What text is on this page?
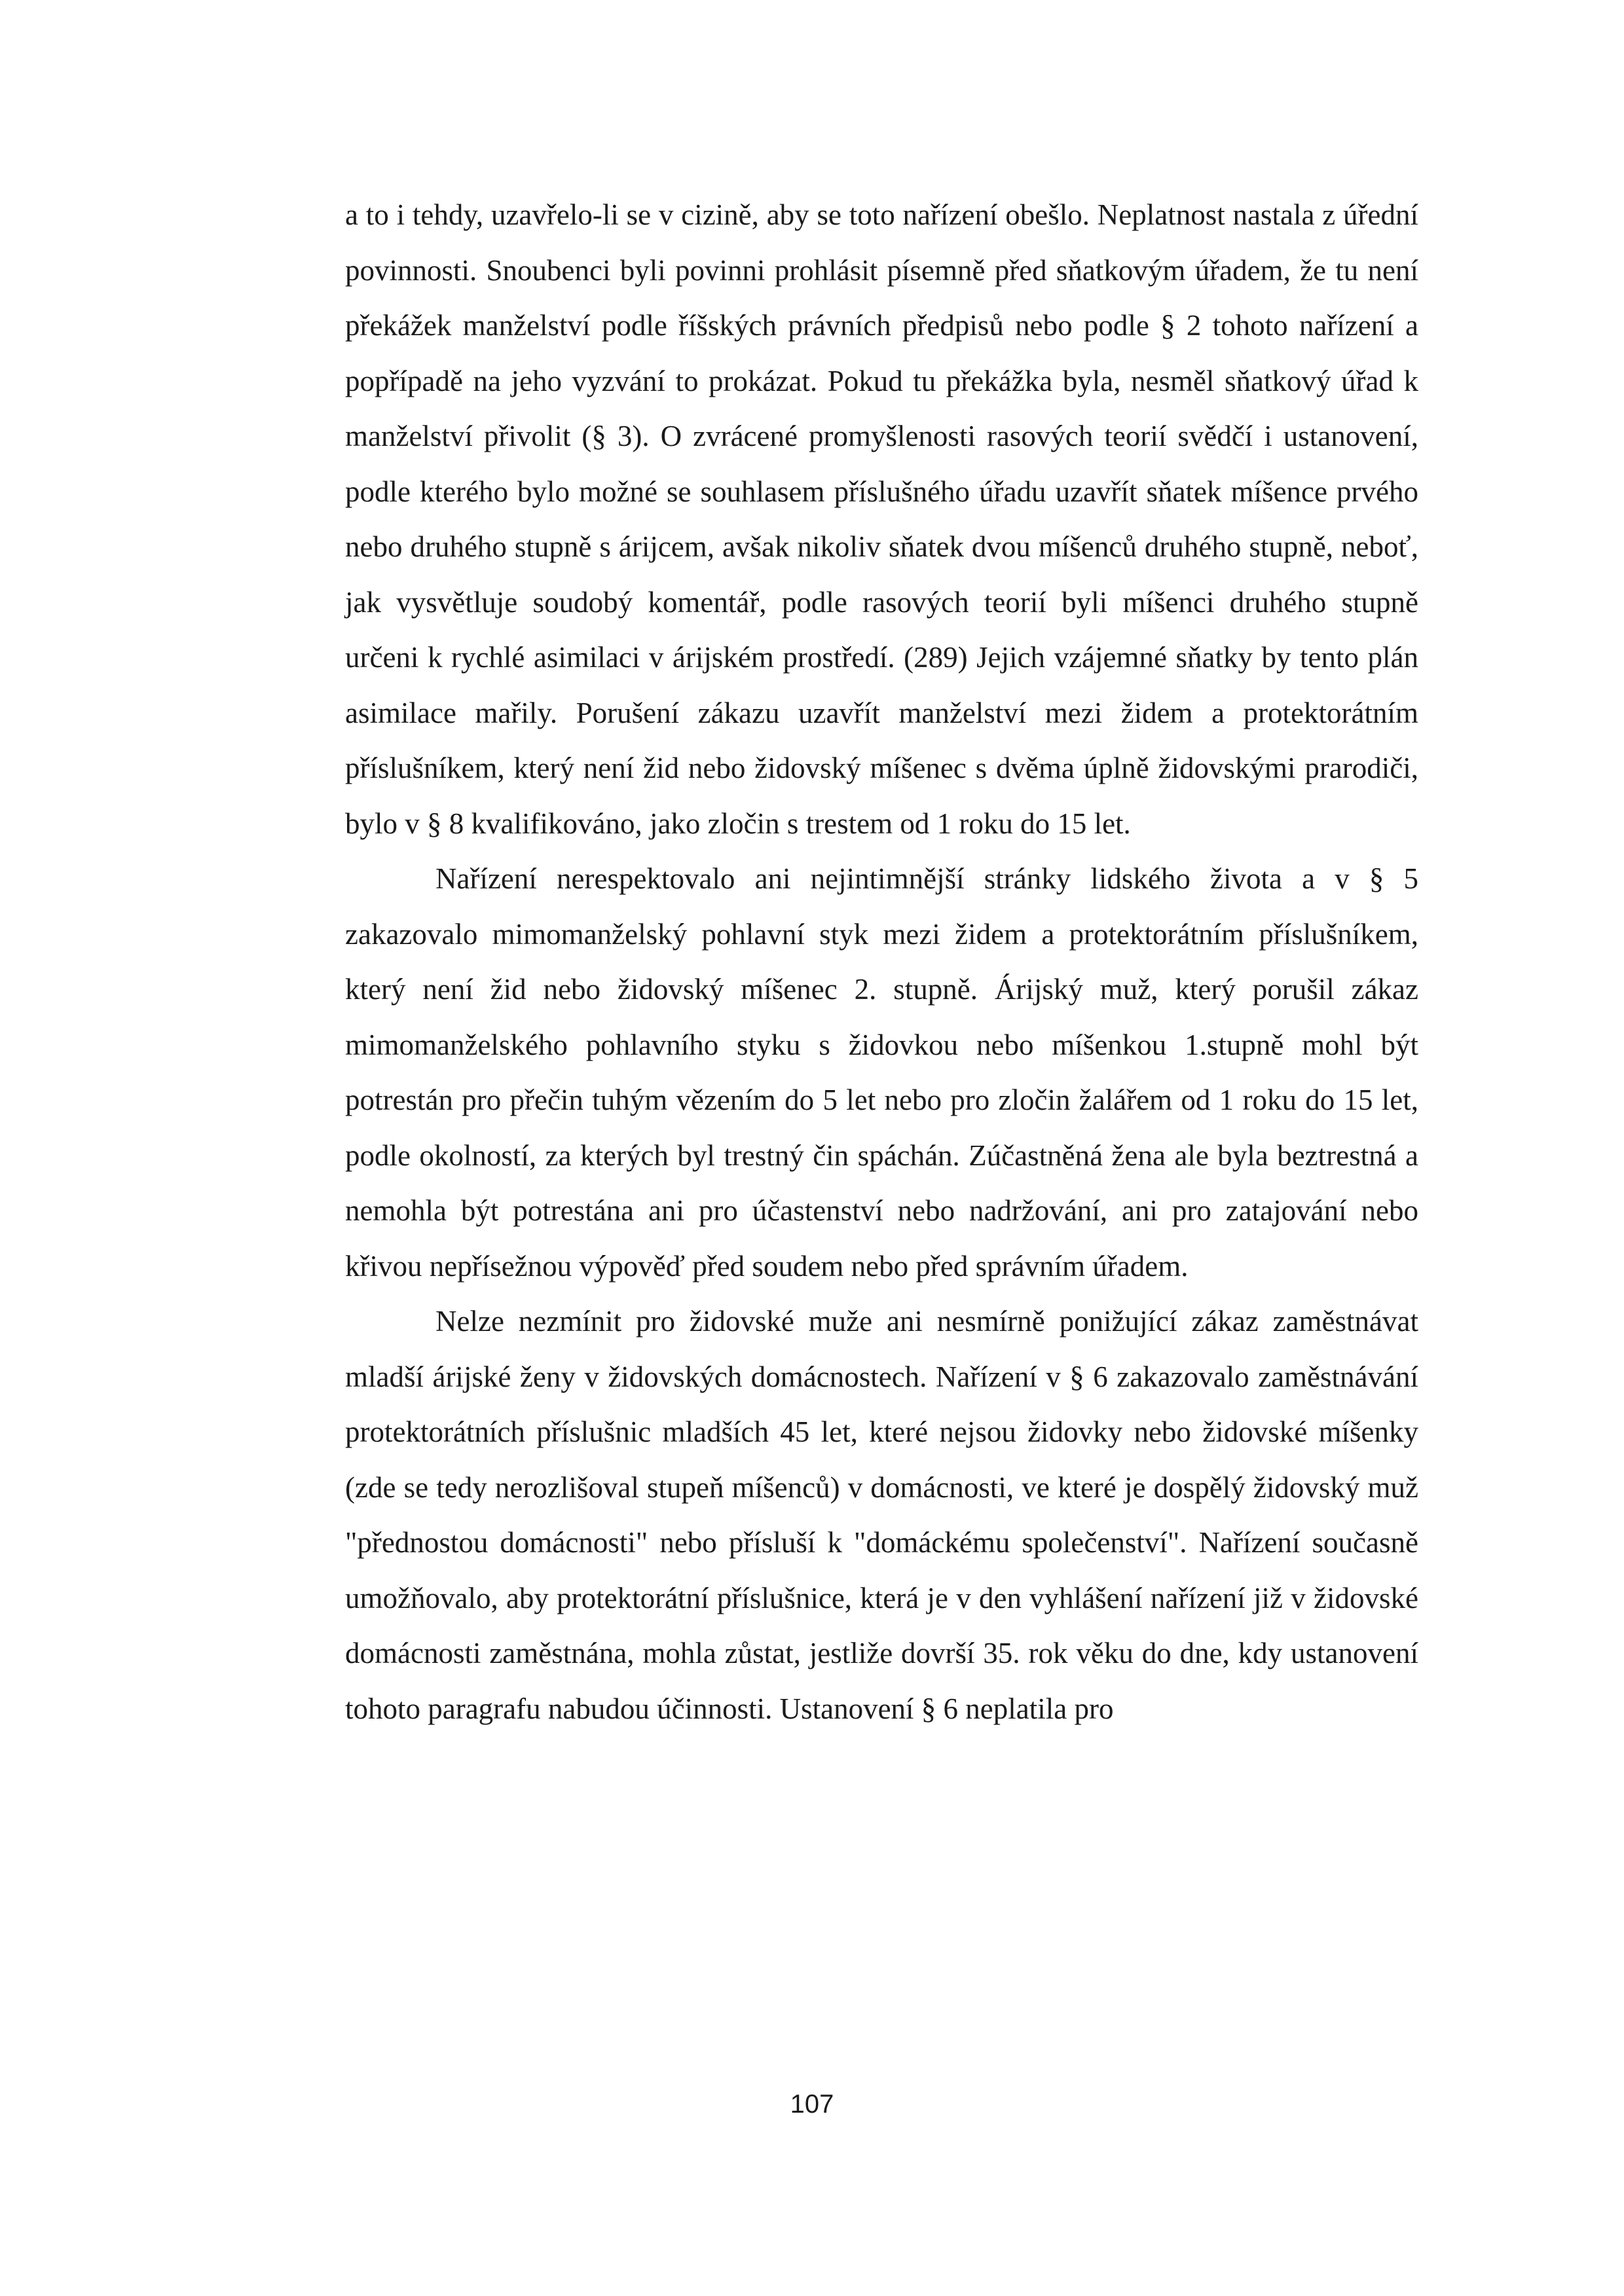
a to i tehdy, uzavřelo-li se v cizině, aby se toto nařízení obešlo. Neplatnost nastala z úřední povinnosti. Snoubenci byli povinni prohlásit písemně před sňatkovým úřadem, že tu není překážek manželství podle říšských právních předpisů nebo podle § 2 tohoto nařízení a popřípadě na jeho vyzvání to prokázat. Pokud tu překážka byla, nesměl sňatkový úřad k manželství přivolit (§ 3). O zvrácené promyšlenosti rasových teorií svědčí i ustanovení, podle kterého bylo možné se souhlasem příslušného úřadu uzavřít sňatek míšence prvého nebo druhého stupně s árijcem, avšak nikoliv sňatek dvou míšenců druhého stupně, neboť, jak vysvětluje soudobý komentář, podle rasových teorií byli míšenci druhého stupně určeni k rychlé asimilaci v árijském prostředí. (289) Jejich vzájemné sňatky by tento plán asimilace mařily. Porušení zákazu uzavřít manželství mezi židem a protektorátním příslušníkem, který není žid nebo židovský míšenec s dvěma úplně židovskými prarodiči, bylo v § 8 kvalifikováno, jako zločin s trestem od 1 roku do 15 let.

Nařízení nerespektovalo ani nejintimnější stránky lidského života a v § 5 zakazovalo mimomanželský pohlavní styk mezi židem a protektorátním příslušníkem, který není žid nebo židovský míšenec 2. stupně. Árijský muž, který porušil zákaz mimomanželského pohlavního styku s židovkou nebo míšenkou 1.stupně mohl být potrestán pro přečin tuhým vězením do 5 let nebo pro zločin žalářem od 1 roku do 15 let, podle okolností, za kterých byl trestný čin spáchán. Zúčastněná žena ale byla beztrestná a nemohla být potrestána ani pro účastenství nebo nadržování, ani pro zatajování nebo křivou nepřísežnou výpověď před soudem nebo před správním úřadem.

Nelze nezmínit pro židovské muže ani nesmírně ponižující zákaz zaměstnávat mladší árijské ženy v židovských domácnostech. Nařízení v § 6 zakazovalo zaměstnávání protektorátních příslušnic mladších 45 let, které nejsou židovky nebo židovské míšenky (zde se tedy nerozlišoval stupeň míšenců) v domácnosti, ve které je dospělý židovský muž "přednostou domácnosti" nebo přísluší k "domáckému společenství". Nařízení současně umožňovalo, aby protektorátní příslušnice, která je v den vyhlášení nařízení již v židovské domácnosti zaměstnána, mohla zůstat, jestliže dovrší 35. rok věku do dne, kdy ustanovení tohoto paragrafu nabudou účinnosti. Ustanovení § 6 neplatila pro

107
